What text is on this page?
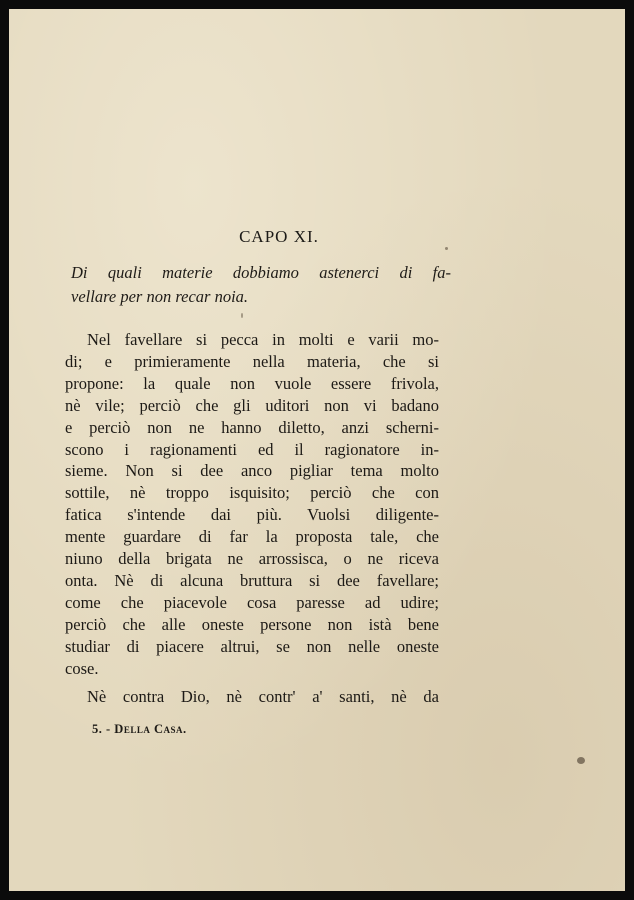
CAPO XI.
Di quali materie dobbiamo astenerci di fa-
vellare per non recar noia.
Nel favellare si pecca in molti e varii mo-
di; e primieramente nella materia, che si
propone: la quale non vuole essere frivola,
nè vile; perciò che gli uditori non vi badano
e perciò non ne hanno diletto, anzi scherni-
scono i ragionamenti ed il ragionatore in-
sieme. Non si dee anco pigliar tema molto
sottile, nè troppo isquisito; perciò che con
fatica s'intende dai più. Vuolsi diligente-
mente guardare di far la proposta tale, che
niuno della brigata ne arrossisca, o ne riceva
onta. Nè di alcuna bruttura si dee favellare;
come che piacevole cosa paresse ad udire;
perciò che alle oneste persone non istà bene
studiar di piacere altrui, se non nelle oneste
cose.
Nè contra Dio, nè contr' a' santi, nè da
5. - Della Casa.
